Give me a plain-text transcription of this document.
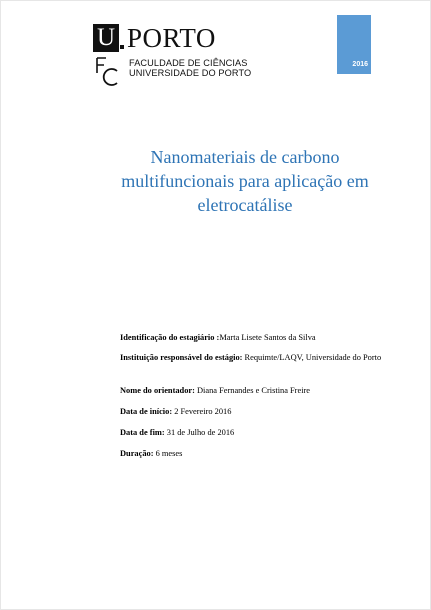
U PORTO
FACULDADE DE CIÊNCIAS
UNIVERSIDADE DO PORTO
2016
Nanomateriais de carbono multifuncionais para aplicação em eletrocatálise
Identificação do estagiário :Marta Lisete Santos da Silva
Instituição responsável do estágio: Requimte/LAQV, Universidade do Porto
Nome do orientador: Diana Fernandes e Cristina Freire
Data de início: 2 Fevereiro 2016
Data de fim: 31 de Julho de 2016
Duração: 6 meses
